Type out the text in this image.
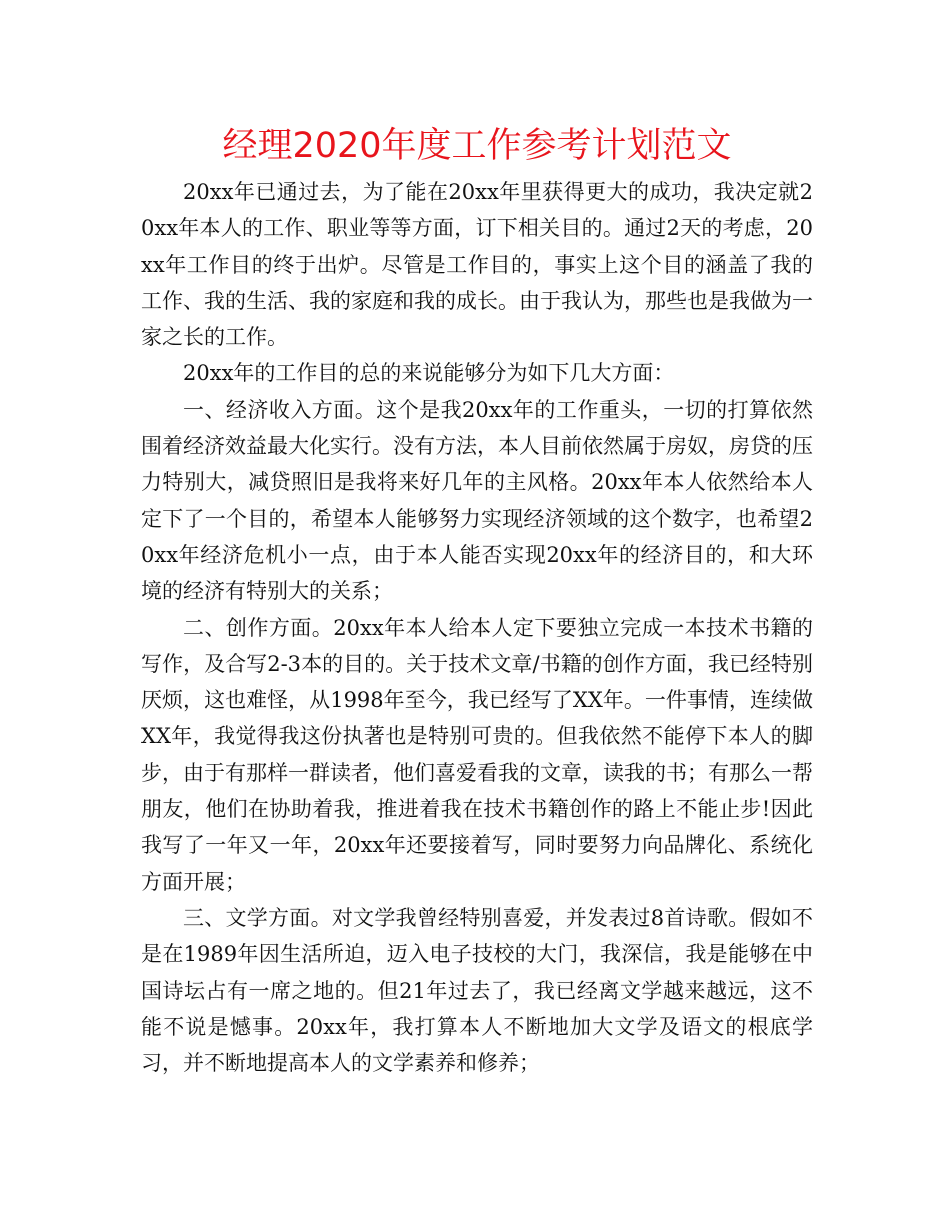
经理2020年度工作参考计划范文

20xx年已通过去，为了能在20xx年里获得更大的成功，我决定就20xx年本人的工作、职业等等方面，订下相关目的。通过2天的考虑，20xx年工作目的终于出炉。尽管是工作目的，事实上这个目的涵盖了我的工作、我的生活、我的家庭和我的成长。由于我认为，那些也是我做为一家之长的工作。

20xx年的工作目的总的来说能够分为如下几大方面：

一、经济收入方面。这个是我20xx年的工作重头，一切的打算依然围着经济效益最大化实行。没有方法，本人目前依然属于房奴，房贷的压力特别大，减贷照旧是我将来好几年的主风格。20xx年本人依然给本人定下了一个目的，希望本人能够努力实现经济领域的这个数字，也希望20xx年经济危机小一点，由于本人能否实现20xx年的经济目的，和大环境的经济有特别大的关系；

二、创作方面。20xx年本人给本人定下要独立完成一本技术书籍的写作，及合写2-3本的目的。关于技术文章/书籍的创作方面，我已经特别厌烦，这也难怪，从1998年至今，我已经写了XX年。一件事情，连续做XX年，我觉得我这份执著也是特别可贵的。但我依然不能停下本人的脚步，由于有那样一群读者，他们喜爱看我的文章，读我的书；有那么一帮朋友，他们在协助着我，推进着我在技术书籍创作的路上不能止步!因此我写了一年又一年，20xx年还要接着写，同时要努力向品牌化、系统化方面开展；

三、文学方面。对文学我曾经特别喜爱，并发表过8首诗歌。假如不是在1989年因生活所迫，迈入电子技校的大门，我深信，我是能够在中国诗坛占有一席之地的。但21年过去了，我已经离文学越来越远，这不能不说是憾事。20xx年，我打算本人不断地加大文学及语文的根底学习，并不断地提高本人的文学素养和修养；
